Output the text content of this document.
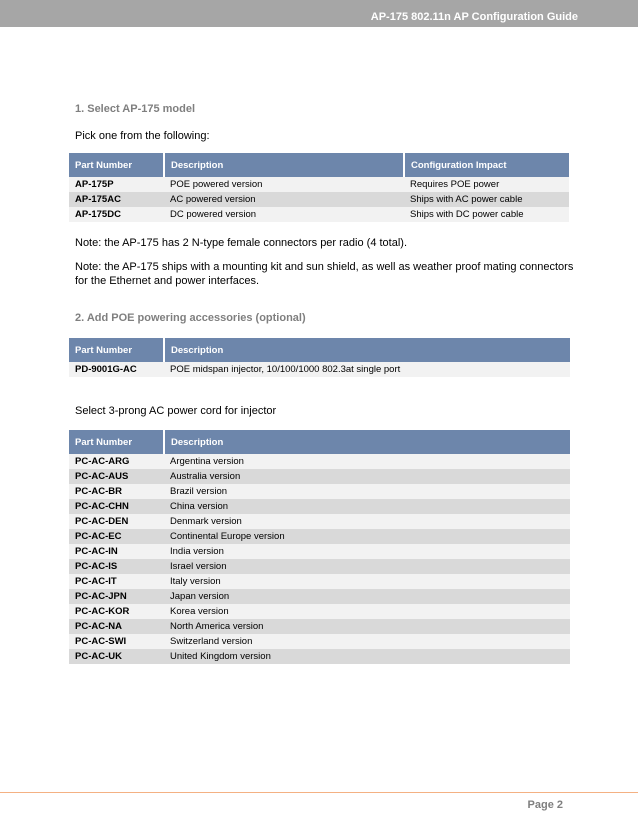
AP-175 802.11n AP Configuration Guide
1. Select AP-175 model
Pick one from the following:
Part Number	Description	Configuration Impact
AP-175P	POE powered version	Requires POE power
AP-175AC	AC powered version	Ships with AC power cable
AP-175DC	DC powered version	Ships with DC power cable
Note: the AP-175 has 2 N-type female connectors per radio (4 total).
Note: the AP-175 ships with a mounting kit and sun shield, as well as weather proof mating connectors
for the Ethernet and power interfaces.
2. Add POE powering accessories (optional)
Part Number	Description
PD-9001G-AC	POE midspan injector, 10/100/1000 802.3at single port
Select 3-prong AC power cord for injector
Part Number	Description
PC-AC-ARG	Argentina version
PC-AC-AUS	Australia version
PC-AC-BR	Brazil version
PC-AC-CHN	China version
PC-AC-DEN	Denmark version
PC-AC-EC	Continental Europe version
PC-AC-IN	India version
PC-AC-IS	Israel version
PC-AC-IT	Italy version
PC-AC-JPN	Japan version
PC-AC-KOR	Korea version
PC-AC-NA	North America version
PC-AC-SWI	Switzerland version
PC-AC-UK	United Kingdom version
Page 2
